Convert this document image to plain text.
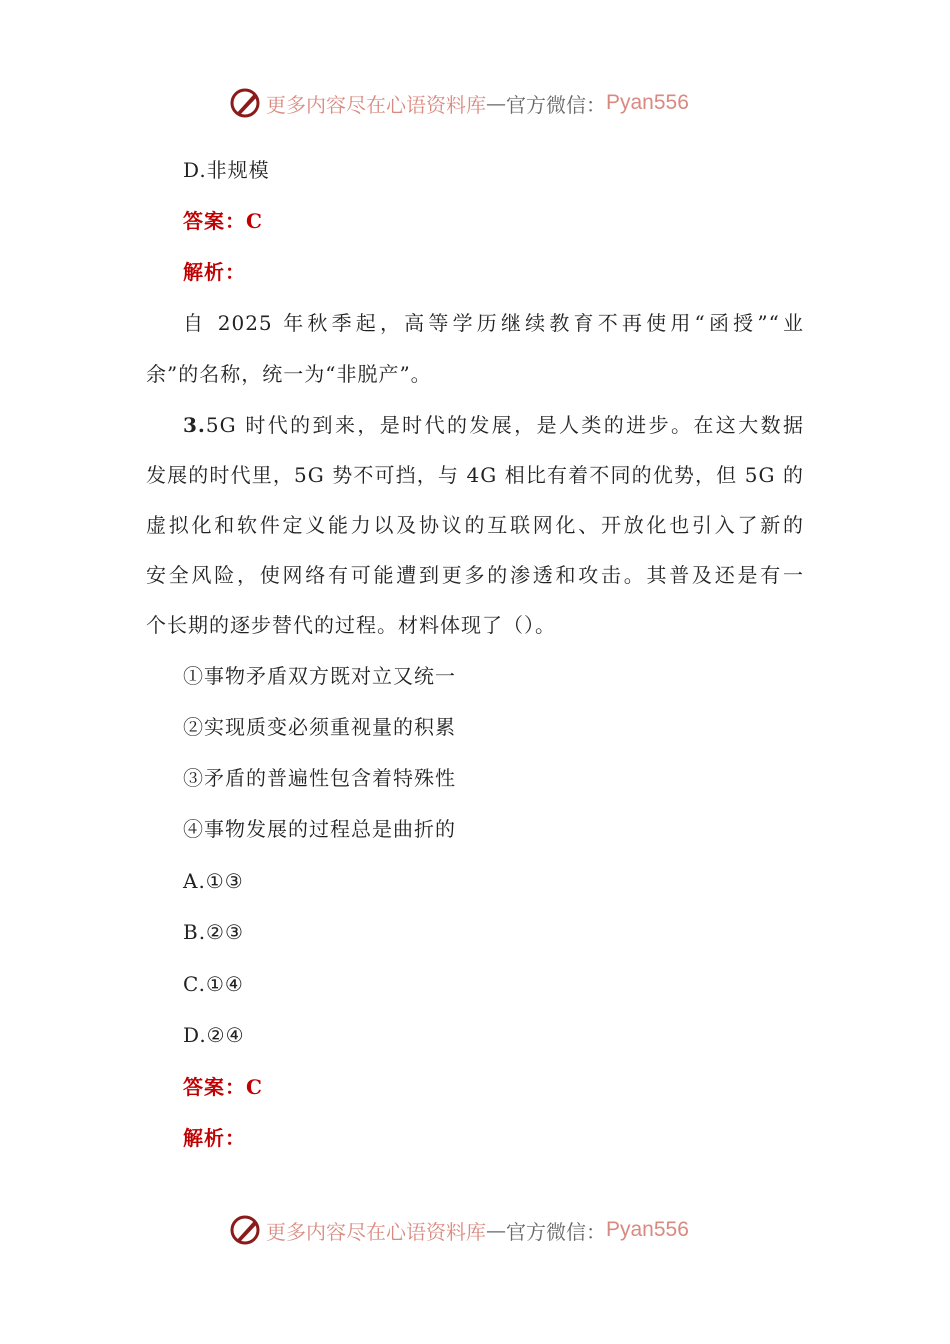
更多内容尽在心语资料库 — 官方微信： Pyan556
D.非规模
答案：C
解析：
自 2025 年秋季起，高等学历继续教育不再使用“函授”“业
余”的名称，统一为“非脱产”。
3.5G 时代的到来，是时代的发展，是人类的进步。在这大数据
发展的时代里，5G 势不可挡，与 4G 相比有着不同的优势，但 5G 的
虚拟化和软件定义能力以及协议的互联网化、开放化也引入了新的
安全风险，使网络有可能遭到更多的渗透和攻击。其普及还是有一
个长期的逐步替代的过程。材料体现了（）。
①事物矛盾双方既对立又统一
②实现质变必须重视量的积累
③矛盾的普遍性包含着特殊性
④事物发展的过程总是曲折的
A.①③
B.②③
C.①④
D.②④
答案：C
解析：
更多内容尽在心语资料库 — 官方微信： Pyan556
